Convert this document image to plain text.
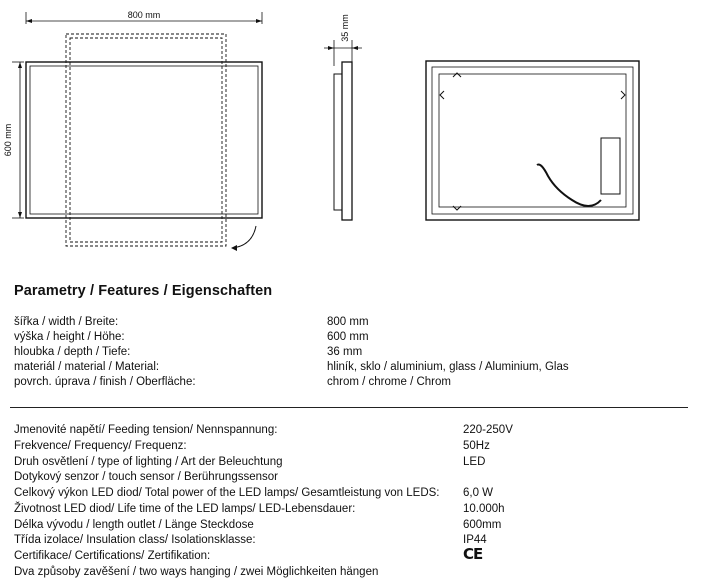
800 mm
600 mm
35 mm
Parametry / Features / Eigenschaften
šířka / width / Breite:	800 mm
výška / height / Höhe:	600 mm
hloubka / depth / Tiefe:	36 mm
materiál / material / Material:	hliník, sklo / aluminium, glass / Aluminium, Glas
povrch. úprava / finish / Oberfläche:	chrom / chrome / Chrom
Jmenovité napětí/ Feeding tension/ Nennspannung:	220-250V
Frekvence/ Frequency/ Frequenz:	50Hz
Druh osvětlení / type of lighting / Art der Beleuchtung	LED
Dotykový senzor / touch sensor / Berührungssensor
Celkový výkon LED diod/ Total power of the LED lamps/ Gesamtleistung von LEDS: 6,0 W
Životnost LED diod/ Life time of the LED lamps/ LED-Lebensdauer:	10.000h
Délka vývodu / length outlet / Länge Steckdose	600mm
Třída izolace/ Insulation class/ Isolationsklasse:	IP44
Certifikace/ Certifications/ Zertifikation:	CE
Dva způsoby zavěšení / two ways hanging / zwei Möglichkeiten hängen
